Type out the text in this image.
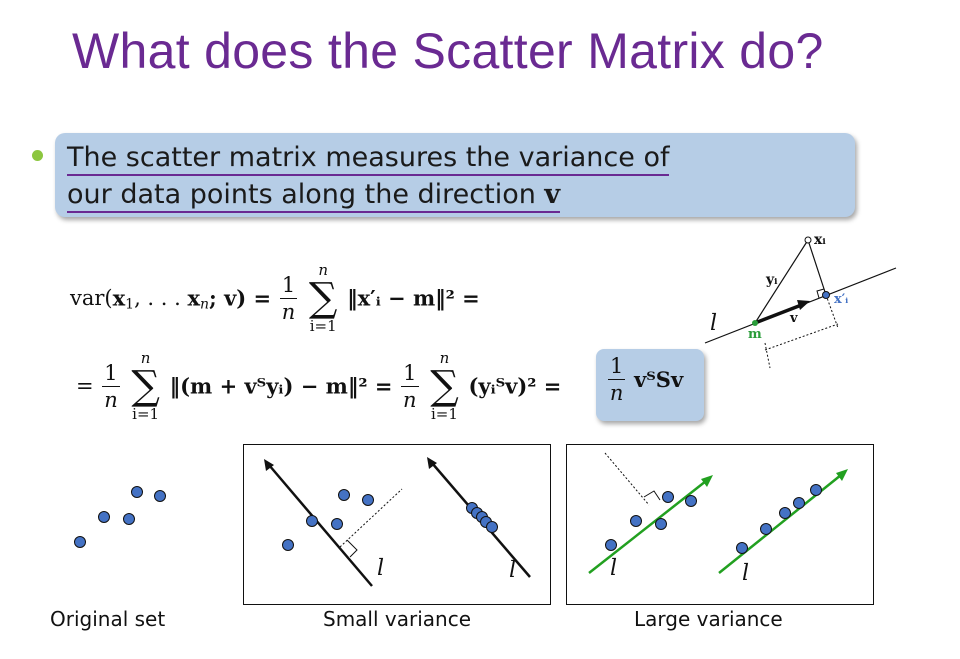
What does the Scatter Matrix do?
The scatter matrix measures the variance of
our data points along the direction v
$var(x_1$, . . . $x_n$; $v) = \frac{1}{n}$

n
∑
i=1
‖x′ᵢ − m‖² =
= $\frac{1}{n}$

n
∑
i=1
‖(m + vᵀyᵢ) − m‖² = $\frac{1}{n}$

n
∑
i=1
(yᵢᵀv)² = $\frac{1}{n}$ vᵀSv
xᵢ
yᵢ
x′ᵢ
m
v
l
Original set
l	l
Small variance
l	l
Large variance
